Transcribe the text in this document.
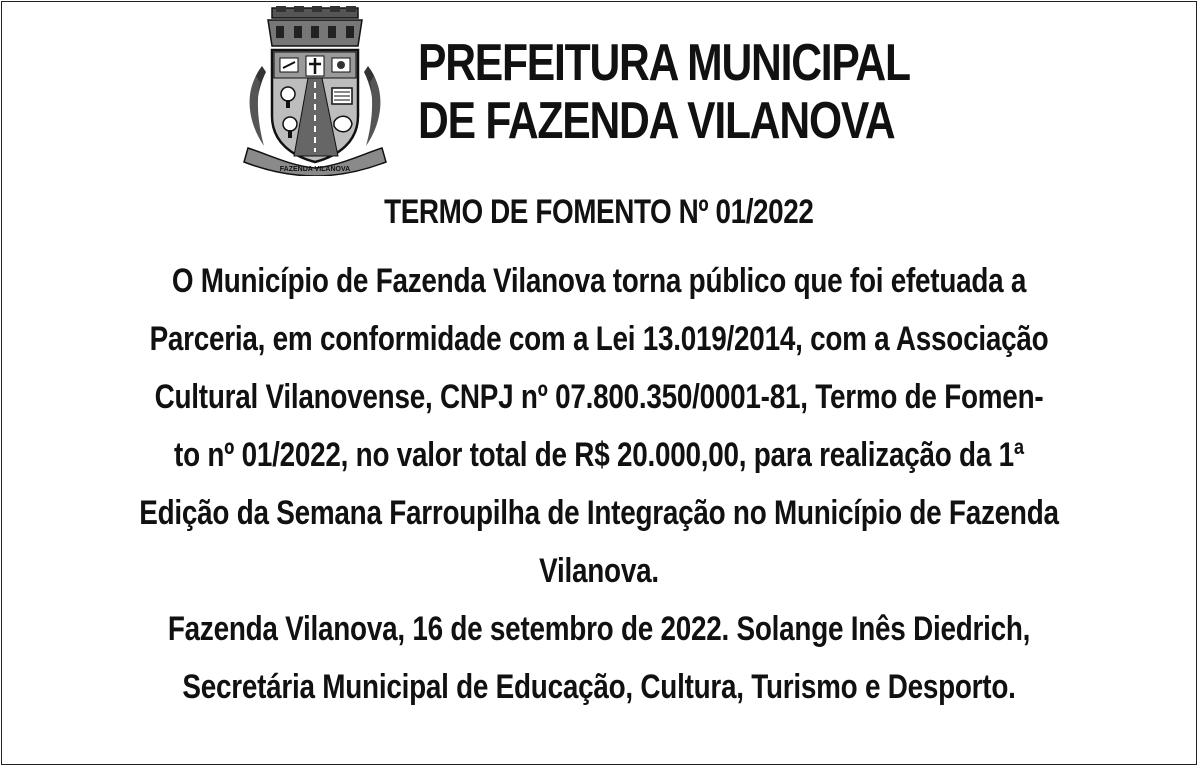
FAZENDA VILANOVA
PREFEITURA MUNICIPAL
DE FAZENDA VILANOVA
TERMO DE FOMENTO Nº 01/2022
O Município de Fazenda Vilanova torna público que foi efetuada a
Parceria, em conformidade com a Lei 13.019/2014, com a Associação
Cultural Vilanovense, CNPJ nº 07.800.350/0001-81, Termo de Fomen-
to nº 01/2022, no valor total de R$ 20.000,00, para realização da 1ª
Edição da Semana Farroupilha de Integração no Município de Fazenda
Vilanova.
Fazenda Vilanova, 16 de setembro de 2022. Solange Inês Diedrich,
Secretária Municipal de Educação, Cultura, Turismo e Desporto.
